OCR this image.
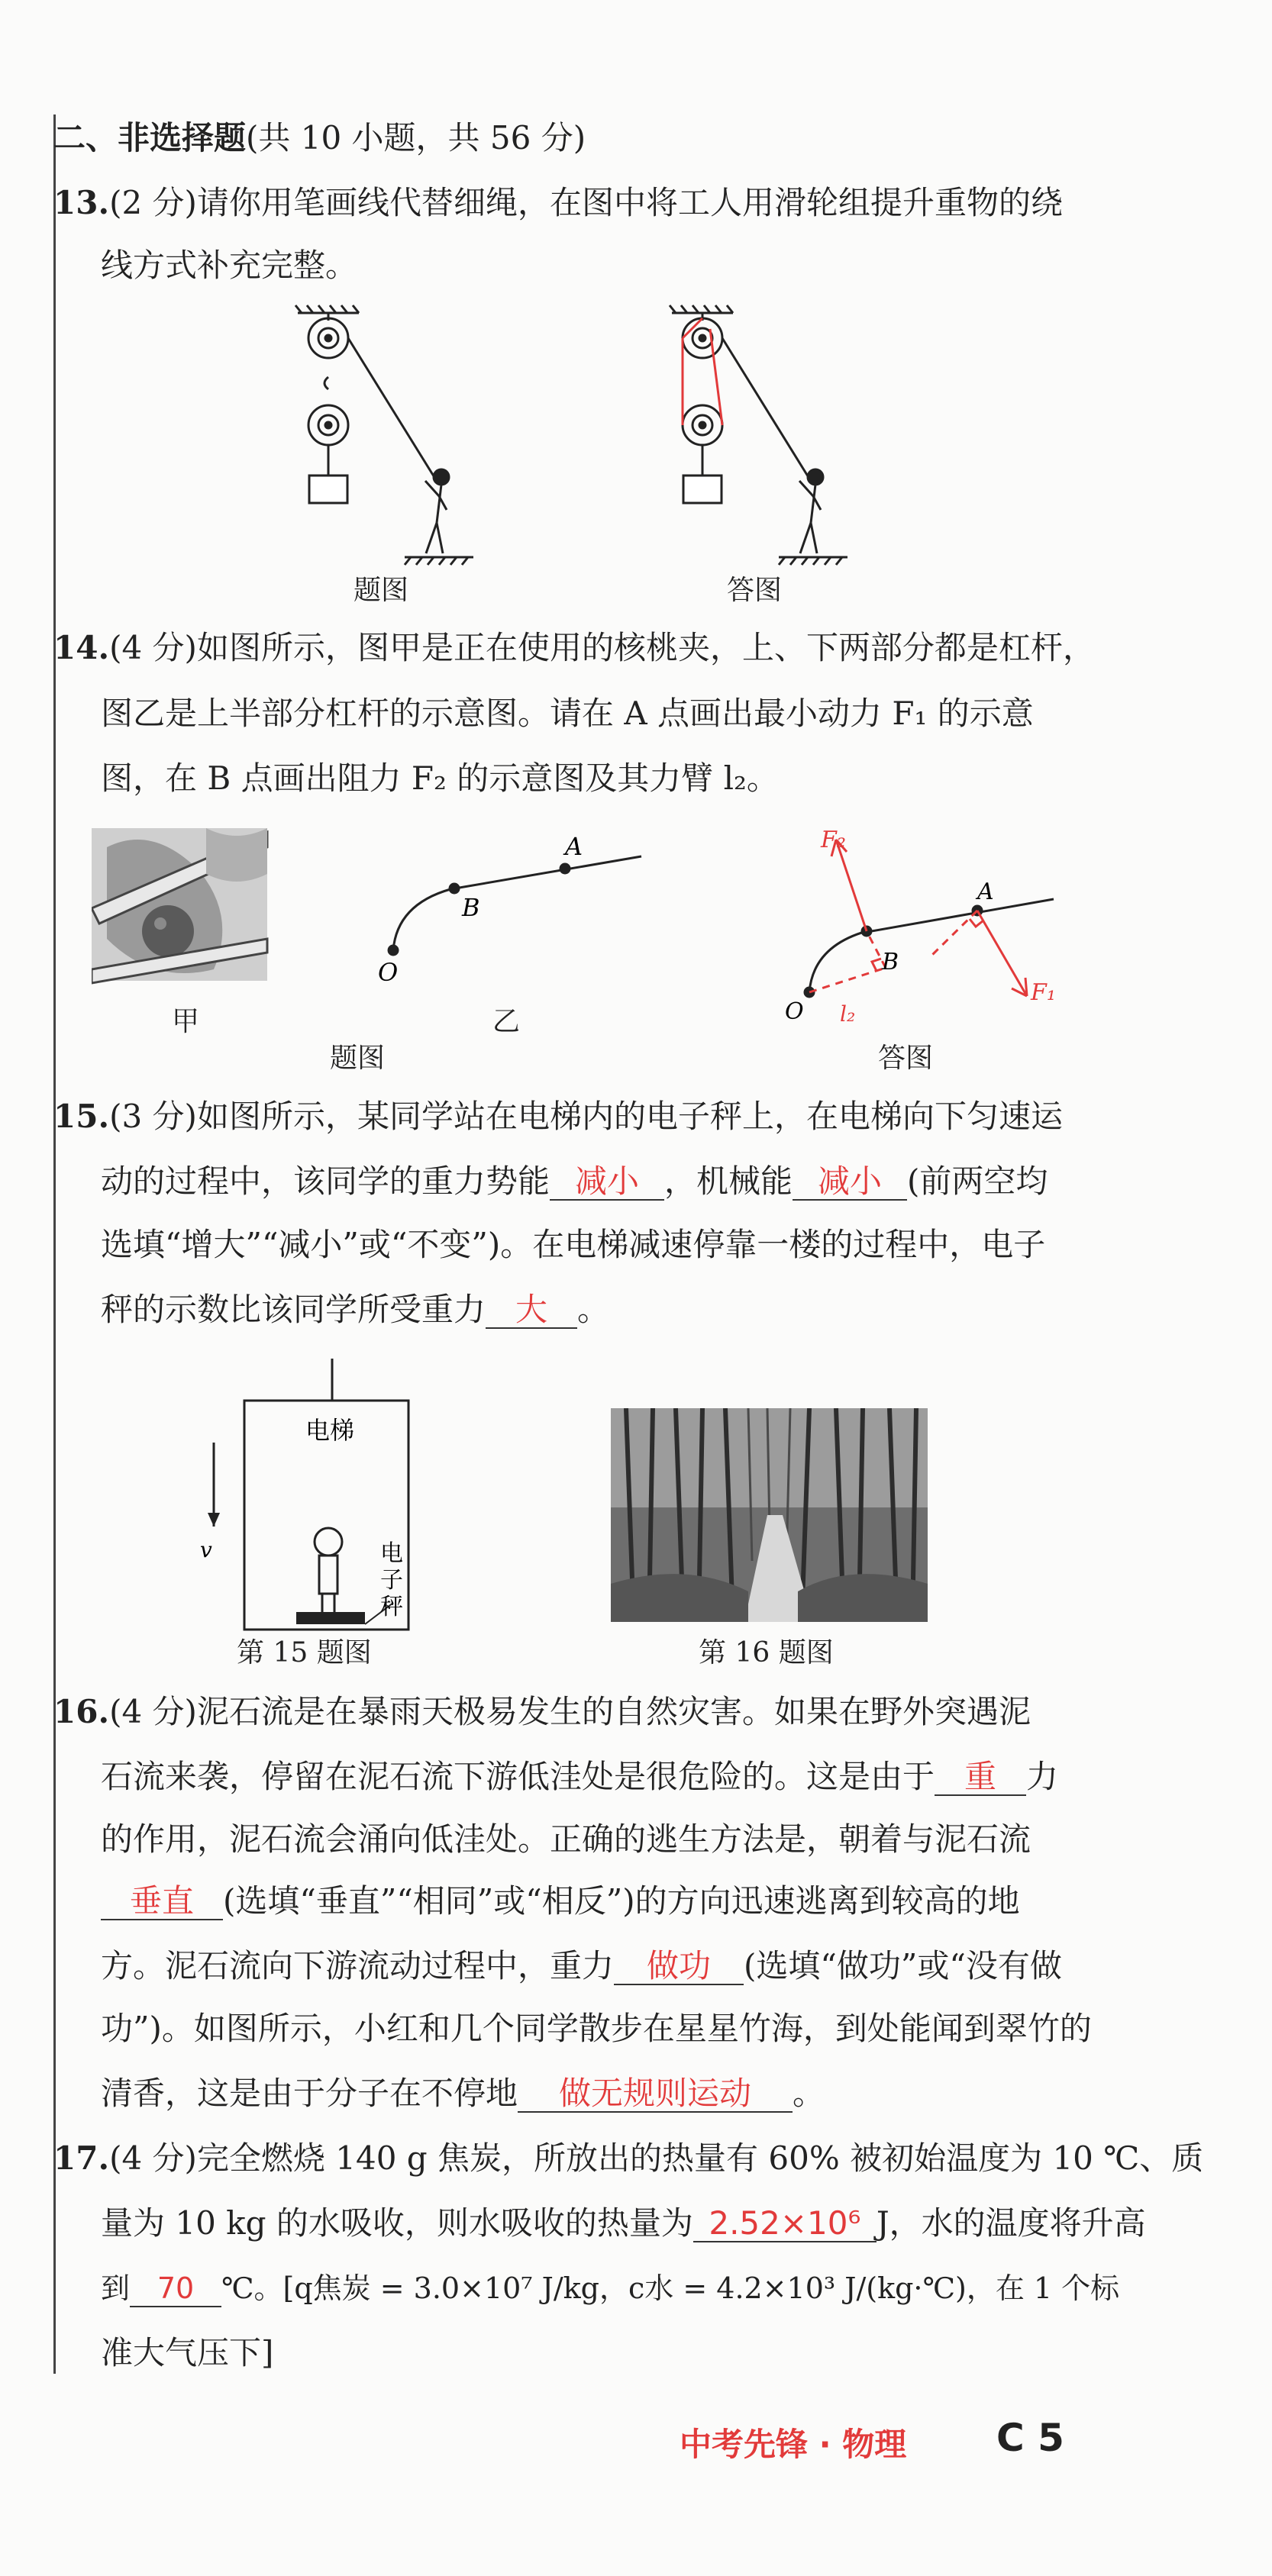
二、非选择题(共 10 小题，共 56 分)
13.(2 分)请你用笔画线代替细绳，在图中将工人用滑轮组提升重物的绕
线方式补充完整。
题图	答图
14.(4 分)如图所示，图甲是正在使用的核桃夹，上、下两部分都是杠杆，
图乙是上半部分杠杆的示意图。请在 A 点画出最小动力 F₁ 的示意
图，在 B 点画出阻力 F₂ 的示意图及其力臂 l₂。
A
B
O
F₂
F₁
A
B
O l₂
甲	乙
题图	答图
15.(3 分)如图所示，某同学站在电梯内的电子秤上，在电梯向下匀速运
动的过程中，该同学的重力势能 减小 ，机械能 减小 (前两空均
选填“增大”“减小”或“不变”)。在电梯减速停靠一楼的过程中，电子
秤的示数比该同学所受重力 大 。
电梯
电
子
秤
v
第 15 题图	第 16 题图
16.(4 分)泥石流是在暴雨天极易发生的自然灾害。如果在野外突遇泥
石流来袭，停留在泥石流下游低洼处是很危险的。这是由于 重 力
的作用，泥石流会涌向低洼处。正确的逃生方法是，朝着与泥石流
垂直 (选填“垂直”“相同”或“相反”)的方向迅速逃离到较高的地
方。泥石流向下游流动过程中，重力 做功 (选填“做功”或“没有做
功”)。如图所示，小红和几个同学散步在星星竹海，到处能闻到翠竹的
清香，这是由于分子在不停地 做无规则运动 。
17.(4 分)完全燃烧 140 g 焦炭，所放出的热量有 60% 被初始温度为 10 ℃、质
量为 10 kg 的水吸收，则水吸收的热量为 2.52×10⁶ J，水的温度将升高
到 70 ℃。[q焦炭 = 3.0×10⁷ J/kg，c水 = 4.2×10³ J/(kg·℃)，在 1 个标
准大气压下]
中考先锋 · 物理 C 5
